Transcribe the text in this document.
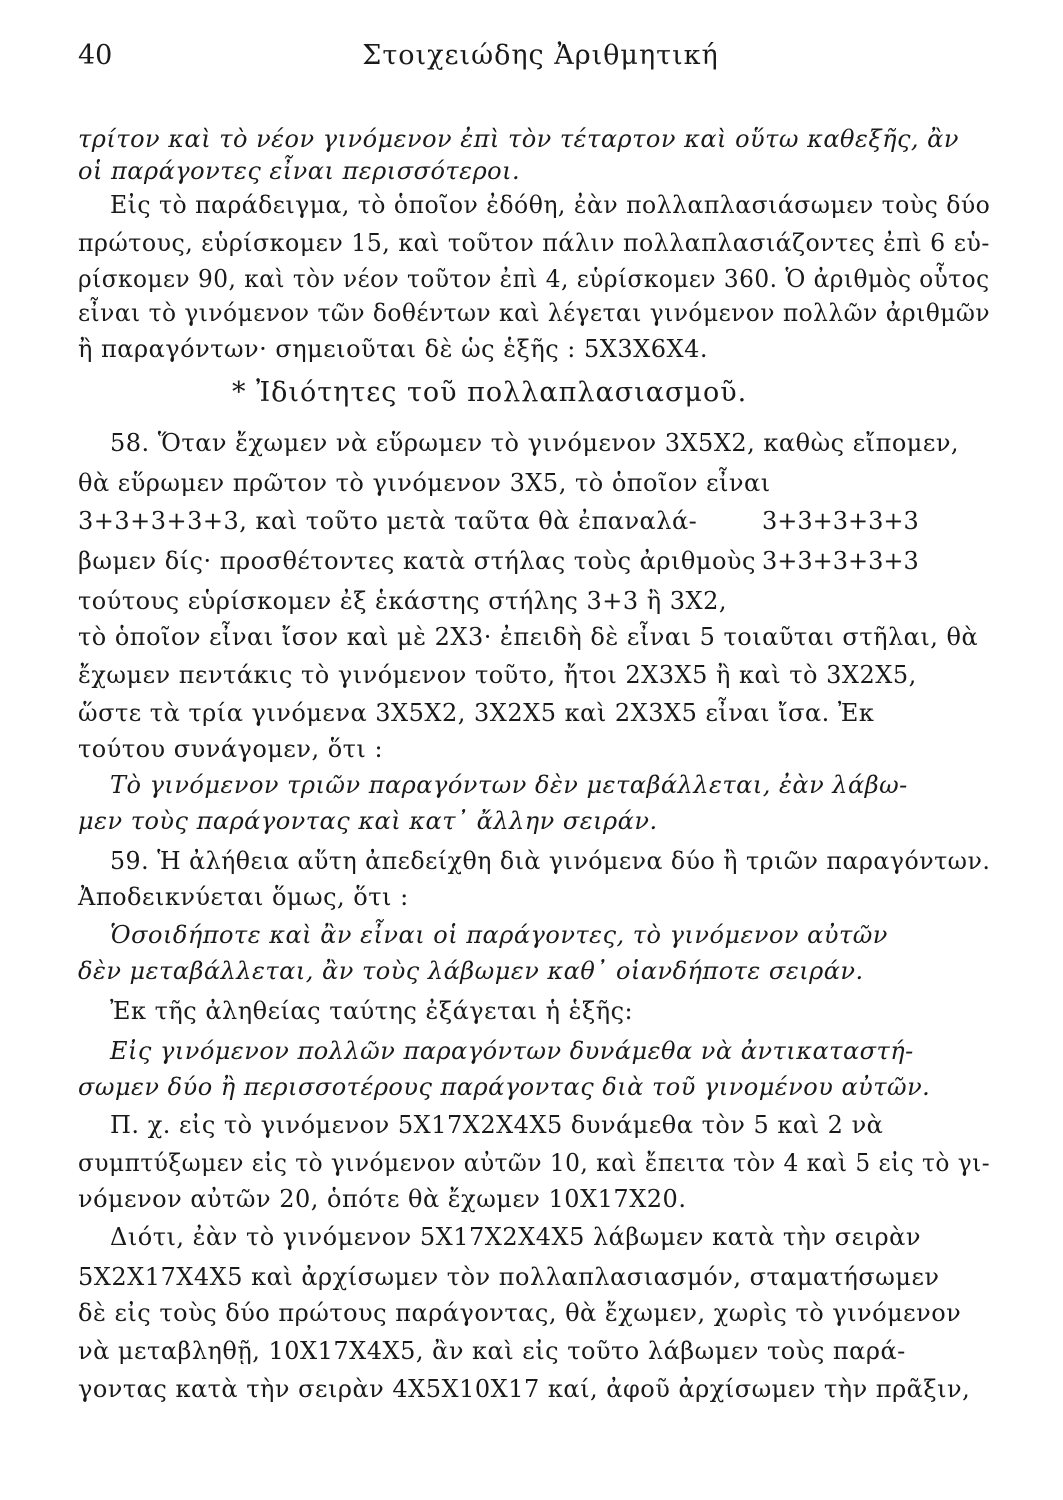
40	Στοιχειώδης Ἀριθμητική
τρίτον καὶ τὸ νέον γινόμενον ἐπὶ τὸν τέταρτον καὶ οὕτω καθεξῆς, ἂν
οἱ παράγοντες εἶναι περισσότεροι.
Εἰς τὸ παράδειγμα, τὸ ὁποῖον ἐδόθη, ἐὰν πολλαπλασιάσωμεν τοὺς δύο
πρώτους, εὑρίσκομεν 15, καὶ τοῦτον πάλιν πολλαπλασιάζοντες ἐπὶ 6 εὑ-
ρίσκομεν 90, καὶ τὸν νέον τοῦτον ἐπὶ 4, εὑρίσκομεν 360. Ὁ ἀριθμὸς οὗτος
εἶναι τὸ γινόμενον τῶν δοθέντων καὶ λέγεται γινόμενον πολλῶν ἀριθμῶν
ἢ παραγόντων· σημειοῦται δὲ ὡς ἑξῆς : 5Χ3Χ6Χ4.
* Ἰδιότητες τοῦ πολλαπλασιασμοῦ.
58. Ὅταν ἔχωμεν νὰ εὕρωμεν τὸ γινόμενον 3Χ5Χ2, καθὼς εἴπομεν,
θὰ εὕρωμεν πρῶτον τὸ γινόμενον 3Χ5, τὸ ὁποῖον εἶναι
3+3+3+3+3, καὶ τοῦτο μετὰ ταῦτα θὰ ἐπαναλά-	3+3+3+3+3
βωμεν δίς· προσθέτοντες κατὰ στήλας τοὺς ἀριθμοὺς 3+3+3+3+3
τούτους εὑρίσκομεν ἐξ ἑκάστης στήλης 3+3 ἢ 3Χ2,
τὸ ὁποῖον εἶναι ἴσον καὶ μὲ 2Χ3· ἐπειδὴ δὲ εἶναι 5 τοιαῦται στῆλαι, θὰ
ἔχωμεν πεντάκις τὸ γινόμενον τοῦτο, ἤτοι 2Χ3Χ5 ἢ καὶ τὸ 3Χ2Χ5,
ὥστε τὰ τρία γινόμενα 3Χ5Χ2, 3Χ2Χ5 καὶ 2Χ3Χ5 εἶναι ἴσα. Ἐκ
τούτου συνάγομεν, ὅτι :
Τὸ γινόμενον τριῶν παραγόντων δὲν μεταβάλλεται, ἐὰν λάβω-
μεν τοὺς παράγοντας καὶ κατ᾽ ἄλλην σειράν.
59. Ἡ ἀλήθεια αὕτη ἀπεδείχθη διὰ γινόμενα δύο ἢ τριῶν παραγόντων.
Ἀποδεικνύεται ὅμως, ὅτι :
Ὁσοιδήποτε καὶ ἂν εἶναι οἱ παράγοντες, τὸ γινόμενον αὐτῶν
δὲν μεταβάλλεται, ἂν τοὺς λάβωμεν καθ᾽ οἱανδήποτε σειράν.
Ἐκ τῆς ἀληθείας ταύτης ἐξάγεται ἡ ἑξῆς:
Εἰς γινόμενον πολλῶν παραγόντων δυνάμεθα νὰ ἀντικαταστή-
σωμεν δύο ἢ περισσοτέρους παράγοντας διὰ τοῦ γινομένου αὐτῶν.
Π. χ. εἰς τὸ γινόμενον 5Χ17Χ2Χ4Χ5 δυνάμεθα τὸν 5 καὶ 2 νὰ
συμπτύξωμεν εἰς τὸ γινόμενον αὐτῶν 10, καὶ ἔπειτα τὸν 4 καὶ 5 εἰς τὸ γι-
νόμενον αὐτῶν 20, ὁπότε θὰ ἔχωμεν 10Χ17Χ20.
Διότι, ἐὰν τὸ γινόμενον 5Χ17Χ2Χ4Χ5 λάβωμεν κατὰ τὴν σειρὰν
5Χ2Χ17Χ4Χ5 καὶ ἀρχίσωμεν τὸν πολλαπλασιασμόν, σταματήσωμεν
δὲ εἰς τοὺς δύο πρώτους παράγοντας, θὰ ἔχωμεν, χωρὶς τὸ γινόμενον
νὰ μεταβληθῇ, 10Χ17Χ4Χ5, ἂν καὶ εἰς τοῦτο λάβωμεν τοὺς παρά-
γοντας κατὰ τὴν σειρὰν 4Χ5Χ10Χ17 καί, ἀφοῦ ἀρχίσωμεν τὴν πρᾶξιν,
